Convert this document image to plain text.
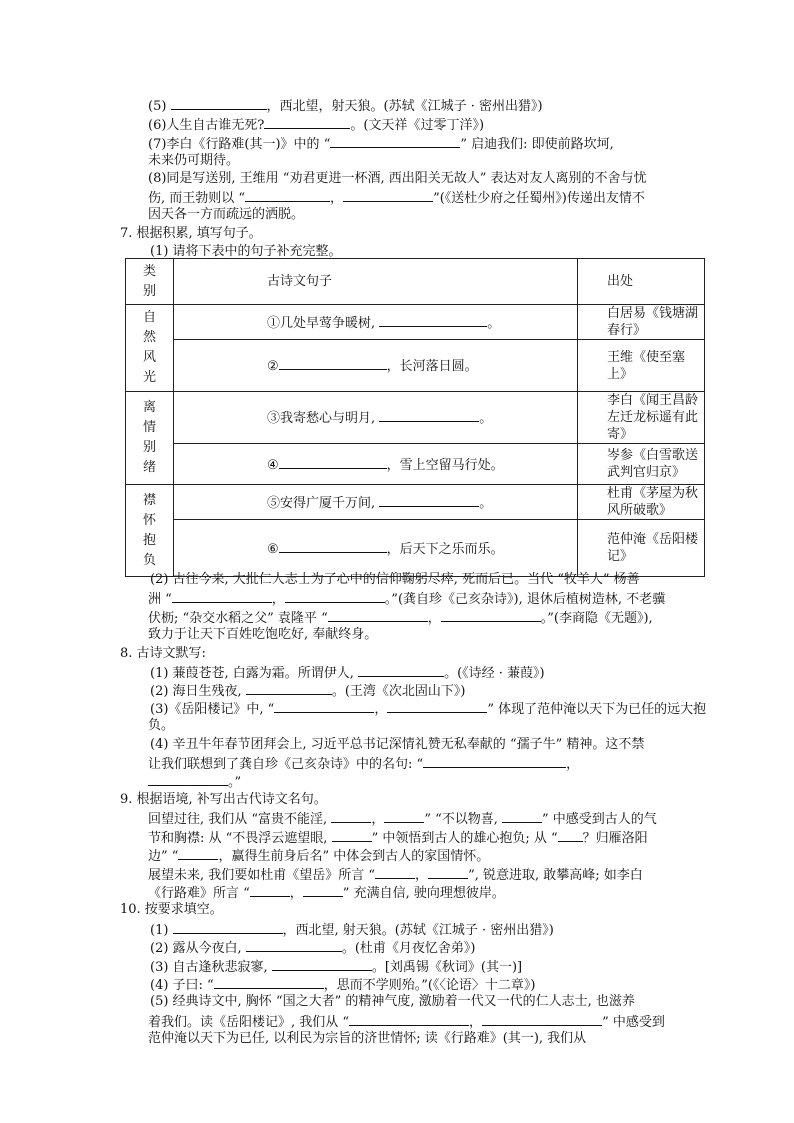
(5)	，西北望，射天狼。(苏轼《江城子 · 密州出猎》)
(6)人生自古谁无死?	。(文天祥《过零丁洋》)
(7)李白《行路难(其一)》中的 “	” 启迪我们: 即使前路坎坷,
未来仍可期待。
(8)同是写送别, 王维用 “劝君更进一杯酒, 西出阳关无故人” 表达对友人离别的不舍与忧
伤, 而王勃则以 “	，	”(《送杜少府之任蜀州》)传递出友情不
因天各一方而疏远的洒脱。
7. 根据积累, 填写句子。
(1) 请将下表中的句子补充完整。
(2) 古往今来, 大批仁人志士为了心中的信仰鞠躬尽瘁, 死而后已。当代 “牧羊人” 杨善
洲 “	，	。”(龚自珍《己亥杂诗》), 退休后植树造林, 不老骥
伏枥; “杂交水稻之父” 袁隆平 “	，	。”(李商隐《无题》),
致力于让天下百姓吃饱吃好, 奉献终身。
8. 古诗文默写:
(1) 蒹葭苍苍, 白露为霜。所谓伊人,	。(《诗经 · 蒹葭》)
(2) 海日生残夜,	。(王湾《次北固山下》)
(3)《岳阳楼记》中, “	，	” 体现了范仲淹以天下为已任的远大抱
负。
(4) 辛丑牛年春节团拜会上, 习近平总书记深情礼赞无私奉献的 “孺子牛” 精神。这不禁
让我们联想到了龚自珍《己亥杂诗》中的名句: “	，
。”
9. 根据语境, 补写出古代诗文名句。
回望过往, 我们从 “富贵不能淫,	，	” “不以物喜,	” 中感受到古人的气
节和胸襟: 从 “不畏浮云遮望眼,	” 中领悟到古人的雄心抱负; 从 “ ？归雁洛阳
边” “	，赢得生前身后名” 中体会到古人的家国情怀。
展望未来, 我们要如杜甫《望岳》所言 “	，	”, 锐意进取, 敢攀高峰; 如李白
《行路难》所言 “	，	” 充满自信, 驶向理想彼岸。
10. 按要求填空。
(1)	，西北望, 射天狼。(苏轼《江城子 · 密州出猎》)
(2) 露从今夜白,	。(杜甫《月夜忆舍弟》)
(3) 自古逢秋悲寂寥,	。[刘禹锡《秋词》(其一)]
(4) 子曰: “	，思而不学则殆。”(《〈论语〉十二章》)
(5) 经典诗文中, 胸怀 “国之大者” 的精神气度, 激励着一代又一代的仁人志士, 也滋养
着我们。读《岳阳楼记》, 我们从 “	，	” 中感受到
范仲淹以天下为已任, 以利民为宗旨的济世情怀; 读《行路难》(其一), 我们从
类别	古诗文句子	出处
自然风光	①几处早莺争暖树, 。	白居易《钱塘湖春行》
	② ，长河落日圆。	王维《使至塞上》
离情别绪	③我寄愁心与明月, 。	李白《闻王昌龄左迁龙标遥有此寄》
	④ ，雪上空留马行处。	岑参《白雪歌送武判官归京》
襟怀抱负	⑤安得广厦千万间, 。	杜甫《茅屋为秋风所破歌》
	⑥ ，后天下之乐而乐。	范仲淹《岳阳楼记》
